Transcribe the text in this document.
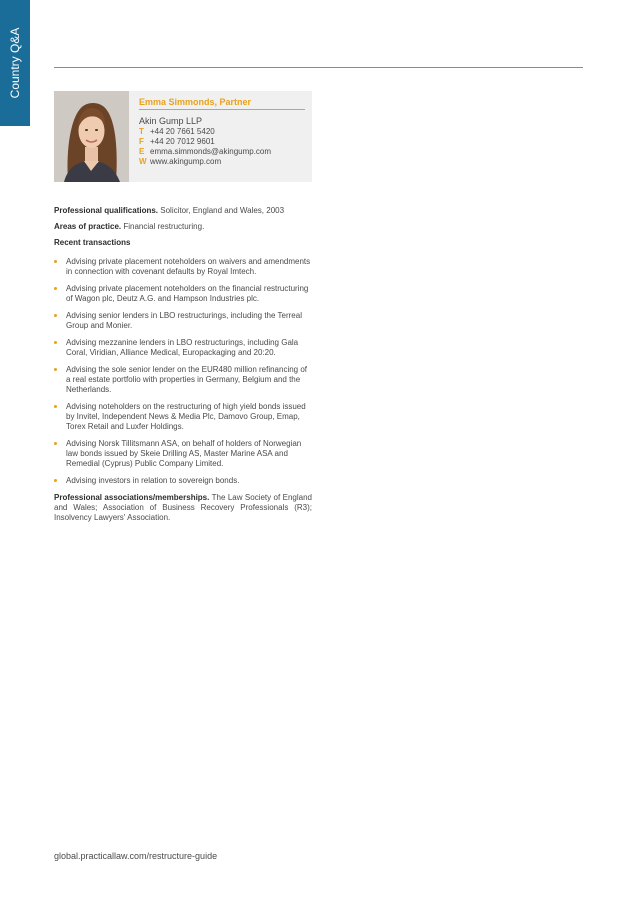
Country Q&A
Emma Simmonds, Partner
Akin Gump LLP
T +44 20 7661 5420
F +44 20 7012 9601
E emma.simmonds@akingump.com
W www.akingump.com

Professional qualifications. Solicitor, England and Wales, 2003

Areas of practice. Financial restructuring.

Recent transactions
Advising private placement noteholders on waivers and amendments in connection with covenant defaults by Royal Imtech.
Advising private placement noteholders on the financial restructuring of Wagon plc, Deutz A.G. and Hampson Industries plc.
Advising senior lenders in LBO restructurings, including the Terreal Group and Monier.
Advising mezzanine lenders in LBO restructurings, including Gala Coral, Viridian, Alliance Medical, Europackaging and 20:20.
Advising the sole senior lender on the EUR480 million refinancing of a real estate portfolio with properties in Germany, Belgium and the Netherlands.
Advising noteholders on the restructuring of high yield bonds issued by Invitel, Independent News & Media Plc, Damovo Group, Emap, Torex Retail and Luxfer Holdings.
Advising Norsk Tillitsmann ASA, on behalf of holders of Norwegian law bonds issued by Skeie Drilling AS, Master Marine ASA and Remedial (Cyprus) Public Company Limited.
Advising investors in relation to sovereign bonds.

Professional associations/memberships. The Law Society of England and Wales; Association of Business Recovery Professionals (R3); Insolvency Lawyers' Association.

global.practicallaw.com/restructure-guide
